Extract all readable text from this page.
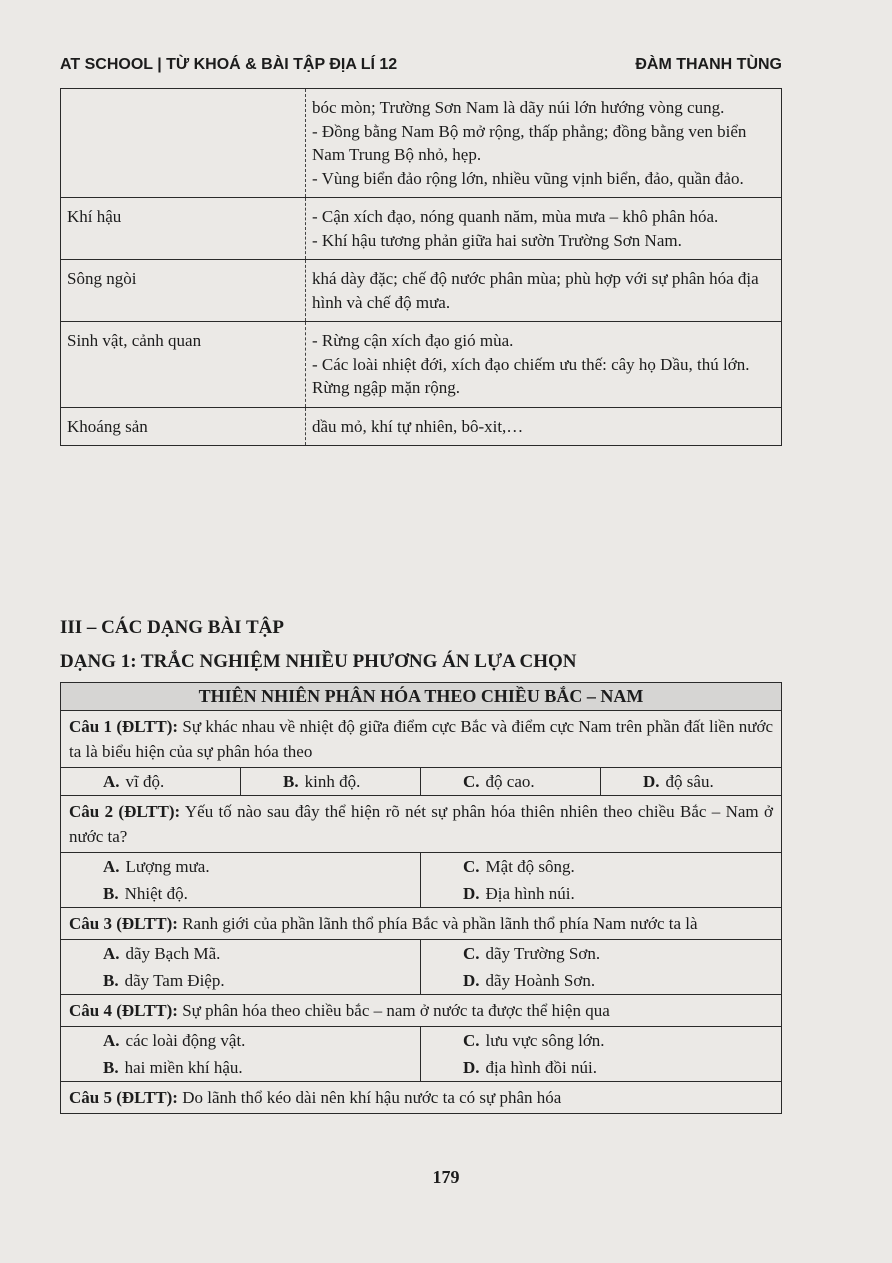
AT SCHOOL | TỪ KHOÁ & BÀI TẬP ĐỊA LÍ 12	ĐÀM THANH TÙNG

	bóc mòn; Trường Sơn Nam là dãy núi lớn hướng vòng cung.
- Đồng bằng Nam Bộ mở rộng, thấp phẳng; đồng bằng ven biển Nam Trung Bộ nhỏ, hẹp.
- Vùng biển đảo rộng lớn, nhiều vũng vịnh biển, đảo, quần đảo.

Khí hậu	- Cận xích đạo, nóng quanh năm, mùa mưa – khô phân hóa.
- Khí hậu tương phản giữa hai sườn Trường Sơn Nam.

Sông ngòi	khá dày đặc; chế độ nước phân mùa; phù hợp với sự phân hóa địa hình và chế độ mưa.

Sinh vật, cảnh quan	- Rừng cận xích đạo gió mùa.
- Các loài nhiệt đới, xích đạo chiếm ưu thế: cây họ Dầu, thú lớn. Rừng ngập mặn rộng.

Khoáng sản	dầu mỏ, khí tự nhiên, bô-xit,…
III – CÁC DẠNG BÀI TẬP
DẠNG 1: TRẮC NGHIỆM NHIỀU PHƯƠNG ÁN LỰA CHỌN
THIÊN NHIÊN PHÂN HÓA THEO CHIỀU BẮC – NAM
Câu 1 (ĐLTT): Sự khác nhau về nhiệt độ giữa điểm cực Bắc và điểm cực Nam trên phần đất liền nước ta là biểu hiện của sự phân hóa theo
A. vĩ độ.	B. kinh độ.	C. độ cao.	D. độ sâu.
Câu 2 (ĐLTT): Yếu tố nào sau đây thể hiện rõ nét sự phân hóa thiên nhiên theo chiều Bắc – Nam ở nước ta?
A. Lượng mưa.	C. Mật độ sông.
B. Nhiệt độ.	D. Địa hình núi.
Câu 3 (ĐLTT): Ranh giới của phần lãnh thổ phía Bắc và phần lãnh thổ phía Nam nước ta là
A. dãy Bạch Mã.	C. dãy Trường Sơn.
B. dãy Tam Điệp.	D. dãy Hoành Sơn.
Câu 4 (ĐLTT): Sự phân hóa theo chiều bắc – nam ở nước ta được thể hiện qua
A. các loài động vật.	C. lưu vực sông lớn.
B. hai miền khí hậu.	D. địa hình đồi núi.
Câu 5 (ĐLTT): Do lãnh thổ kéo dài nên khí hậu nước ta có sự phân hóa
179
